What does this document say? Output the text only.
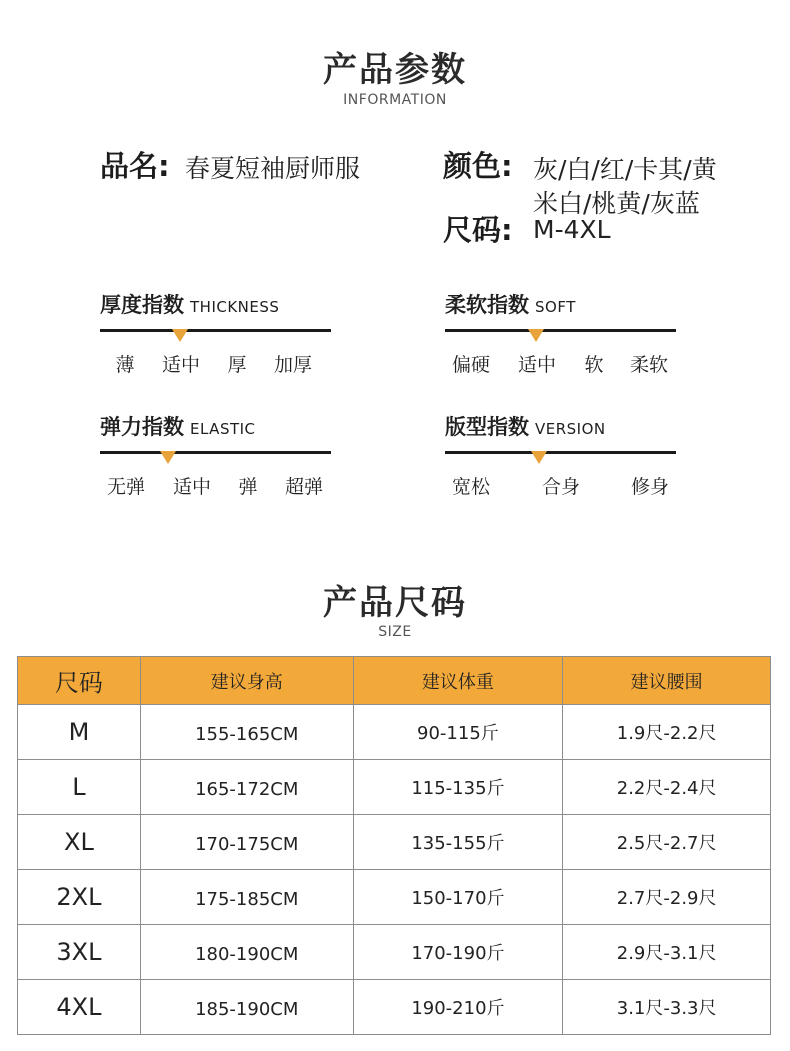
产品参数
INFORMATION
品名: 春夏短袖厨师服	颜色: 灰/白/红/卡其/黄
米白/桃黄/灰蓝
尺码: M-4XL
厚度指数 THICKNESS
薄 适中 厚 加厚
柔软指数 SOFT
偏硬 适中 软 柔软
弹力指数 ELASTIC
无弹 适中 弹 超弹
版型指数 VERSION
宽松	合身	修身
产品尺码
SIZE
尺码	建议身高	建议体重	建议腰围
M	155-165CM	90-115斤	1.9尺-2.2尺
L	165-172CM	115-135斤	2.2尺-2.4尺
XL	170-175CM	135-155斤	2.5尺-2.7尺
2XL	175-185CM	150-170斤	2.7尺-2.9尺
3XL	180-190CM	170-190斤	2.9尺-3.1尺
4XL	185-190CM	190-210斤	3.1尺-3.3尺
